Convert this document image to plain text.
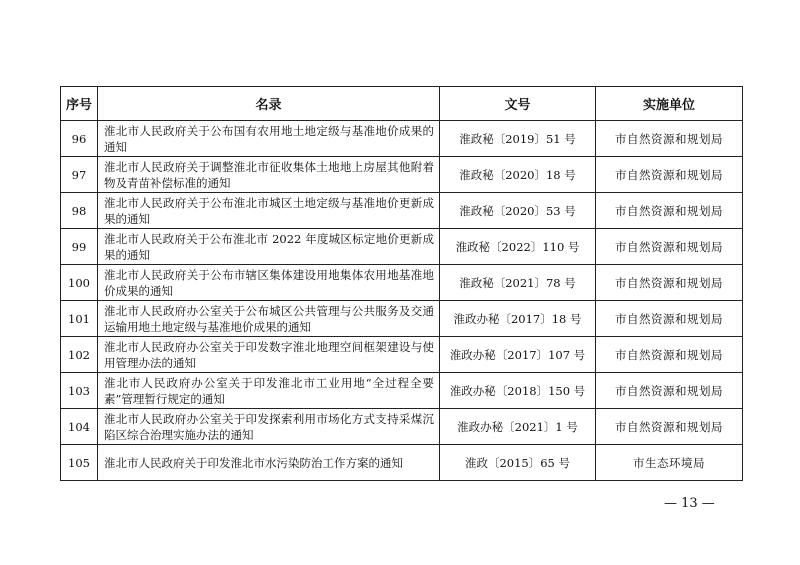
序号	名录	文号	实施单位
96	淮北市人民政府关于公布国有农用地土地定级与基准地价成果的通知	淮政秘〔2019〕51 号	市自然资源和规划局
97	淮北市人民政府关于调整淮北市征收集体土地地上房屋其他附着物及青苗补偿标准的通知	淮政秘〔2020〕18 号	市自然资源和规划局
98	淮北市人民政府关于公布淮北市城区土地定级与基准地价更新成果的通知	淮政秘〔2020〕53 号	市自然资源和规划局
99	淮北市人民政府关于公布淮北市 2022 年度城区标定地价更新成果的通知	淮政秘〔2022〕110 号	市自然资源和规划局
100	淮北市人民政府关于公布市辖区集体建设用地集体农用地基准地价成果的通知	淮政秘〔2021〕78 号	市自然资源和规划局
101	淮北市人民政府办公室关于公布城区公共管理与公共服务及交通运输用地土地定级与基准地价成果的通知	淮政办秘〔2017〕18 号	市自然资源和规划局
102	淮北市人民政府办公室关于印发数字淮北地理空间框架建设与使用管理办法的通知	淮政办秘〔2017〕107 号	市自然资源和规划局
103	淮北市人民政府办公室关于印发淮北市工业用地“全过程全要素”管理暂行规定的通知	淮政办秘〔2018〕150 号	市自然资源和规划局
104	淮北市人民政府办公室关于印发探索利用市场化方式支持采煤沉陷区综合治理实施办法的通知	淮政办秘〔2021〕1 号	市自然资源和规划局
105	淮北市人民政府关于印发淮北市水污染防治工作方案的通知	淮政〔2015〕65 号	市生态环境局
— 13 —
